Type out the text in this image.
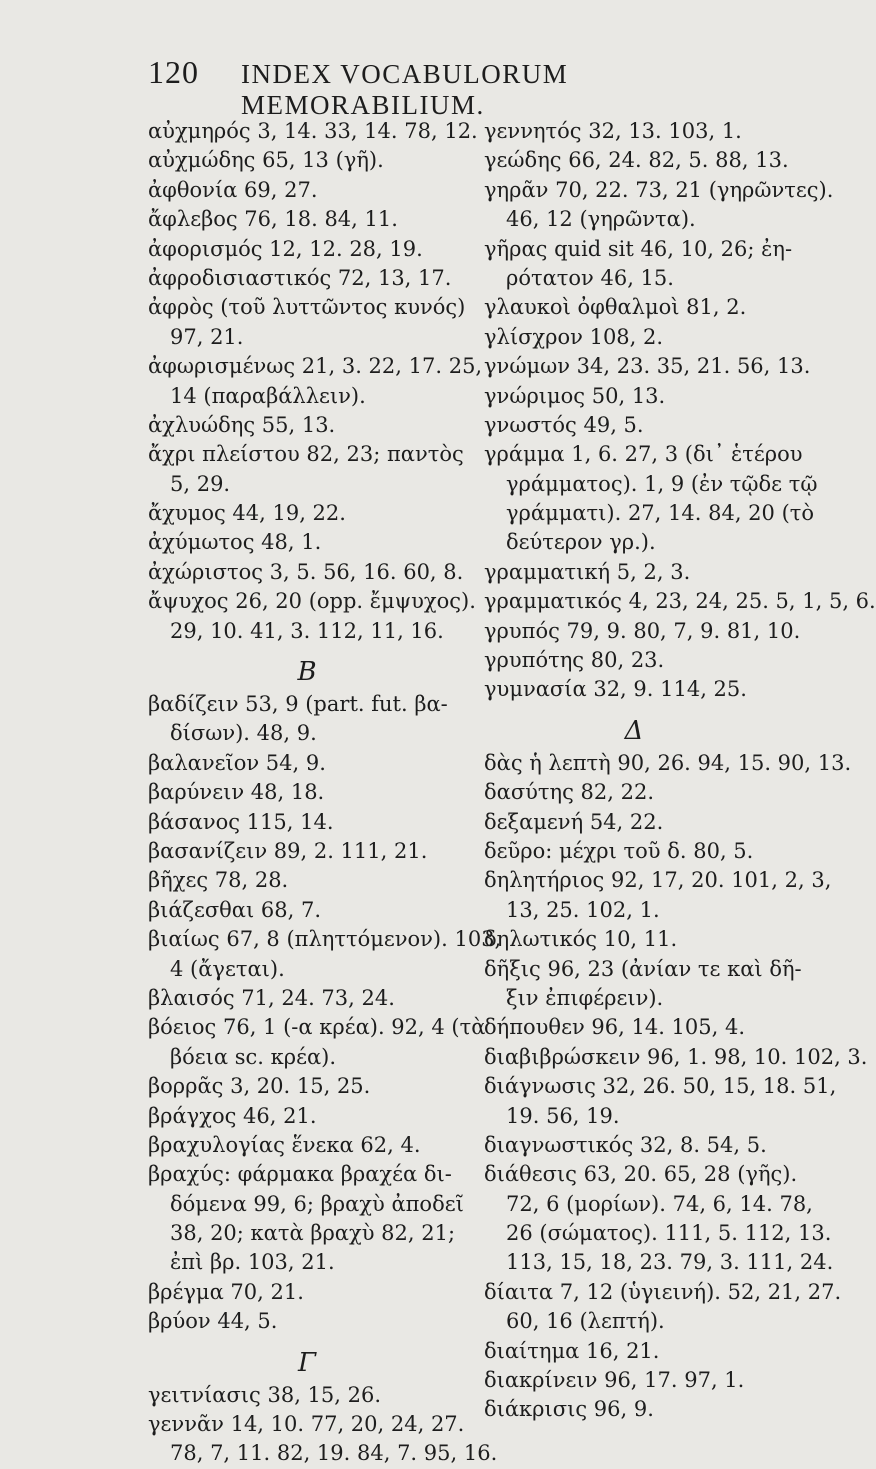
120 INDEX VOCABULORUM MEMORABILIUM.
αὐχμηρός 3, 14. 33, 14. 78, 12.
αὐχμώδης 65, 13 (γῆ).
ἀφθονία 69, 27.
ἄφλεβος 76, 18. 84, 11.
ἀφορισμός 12, 12. 28, 19.
ἀφροδισιαστικός 72, 13, 17.
ἀφρὸς (τοῦ λυττῶντος κυνός)
97, 21.
ἀφωρισμένως 21, 3. 22, 17. 25,
14 (παραβάλλειν).
ἀχλυώδης 55, 13.
ἄχρι πλείστου 82, 23; παντὸς
5, 29.
ἄχυμος 44, 19, 22.
ἀχύμωτος 48, 1.
ἀχώριστος 3, 5. 56, 16. 60, 8.
ἄψυχος 26, 20 (opp. ἔμψυχος).
29, 10. 41, 3. 112, 11, 16.
B
βαδίζειν 53, 9 (part. fut. βα-
δίσων). 48, 9.
βαλανεῖον 54, 9.
βαρύνειν 48, 18.
βάσανος 115, 14.
βασανίζειν 89, 2. 111, 21.
βῆχες 78, 28.
βιάζεσθαι 68, 7.
βιαίως 67, 8 (πληττόμενον). 103,
4 (ἄγεται).
βλαισός 71, 24. 73, 24.
βόειος 76, 1 (-α κρέα). 92, 4 (τὰ
βόεια sc. κρέα).
βορρᾶς 3, 20. 15, 25.
βράγχος 46, 21.
βραχυλογίας ἕνεκα 62, 4.
βραχύς: φάρμακα βραχέα δι-
δόμενα 99, 6; βραχὺ ἀποδεῖ
38, 20; κατὰ βραχὺ 82, 21;
ἐπὶ βρ. 103, 21.
βρέγμα 70, 21.
βρύον 44, 5.
Γ
γειτνίασις 38, 15, 26.
γεννᾶν 14, 10. 77, 20, 24, 27.
78, 7, 11. 82, 19. 84, 7. 95, 16.
γεννητός 32, 13. 103, 1.
γεώδης 66, 24. 82, 5. 88, 13.
γηρᾶν 70, 22. 73, 21 (γηρῶντες).
46, 12 (γηρῶντα).
γῆρας quid sit 46, 10, 26; ἐη-
ρότατον 46, 15.
γλαυκοὶ ὀφθαλμοὶ 81, 2.
γλίσχρον 108, 2.
γνώμων 34, 23. 35, 21. 56, 13.
γνώριμος 50, 13.
γνωστός 49, 5.
γράμμα 1, 6. 27, 3 (δι᾽ ἑτέρου
γράμματος). 1, 9 (ἐν τῷδε τῷ
γράμματι). 27, 14. 84, 20 (τὸ
δεύτερον γρ.).
γραμματική 5, 2, 3.
γραμματικός 4, 23, 24, 25. 5, 1, 5, 6.
γρυπός 79, 9. 80, 7, 9. 81, 10.
γρυπότης 80, 23.
γυμνασία 32, 9. 114, 25.
Δ
δὰς ἡ λεπτὴ 90, 26. 94, 15. 90, 13.
δασύτης 82, 22.
δεξαμενή 54, 22.
δεῦρο: μέχρι τοῦ δ. 80, 5.
δηλητήριος 92, 17, 20. 101, 2, 3,
13, 25. 102, 1.
δηλωτικός 10, 11.
δῆξις 96, 23 (ἀνίαν τε καὶ δῆ-
ξιν ἐπιφέρειν).
δήπουθεν 96, 14. 105, 4.
διαβιβρώσκειν 96, 1. 98, 10. 102, 3.
διάγνωσις 32, 26. 50, 15, 18. 51,
19. 56, 19.
διαγνωστικός 32, 8. 54, 5.
διάθεσις 63, 20. 65, 28 (γῆς).
72, 6 (μορίων). 74, 6, 14. 78,
26 (σώματος). 111, 5. 112, 13.
113, 15, 18, 23. 79, 3. 111, 24.
δίαιτα 7, 12 (ὑγιεινή). 52, 21, 27.
60, 16 (λεπτή).
διαίτημα 16, 21.
διακρίνειν 96, 17. 97, 1.
διάκρισις 96, 9.
